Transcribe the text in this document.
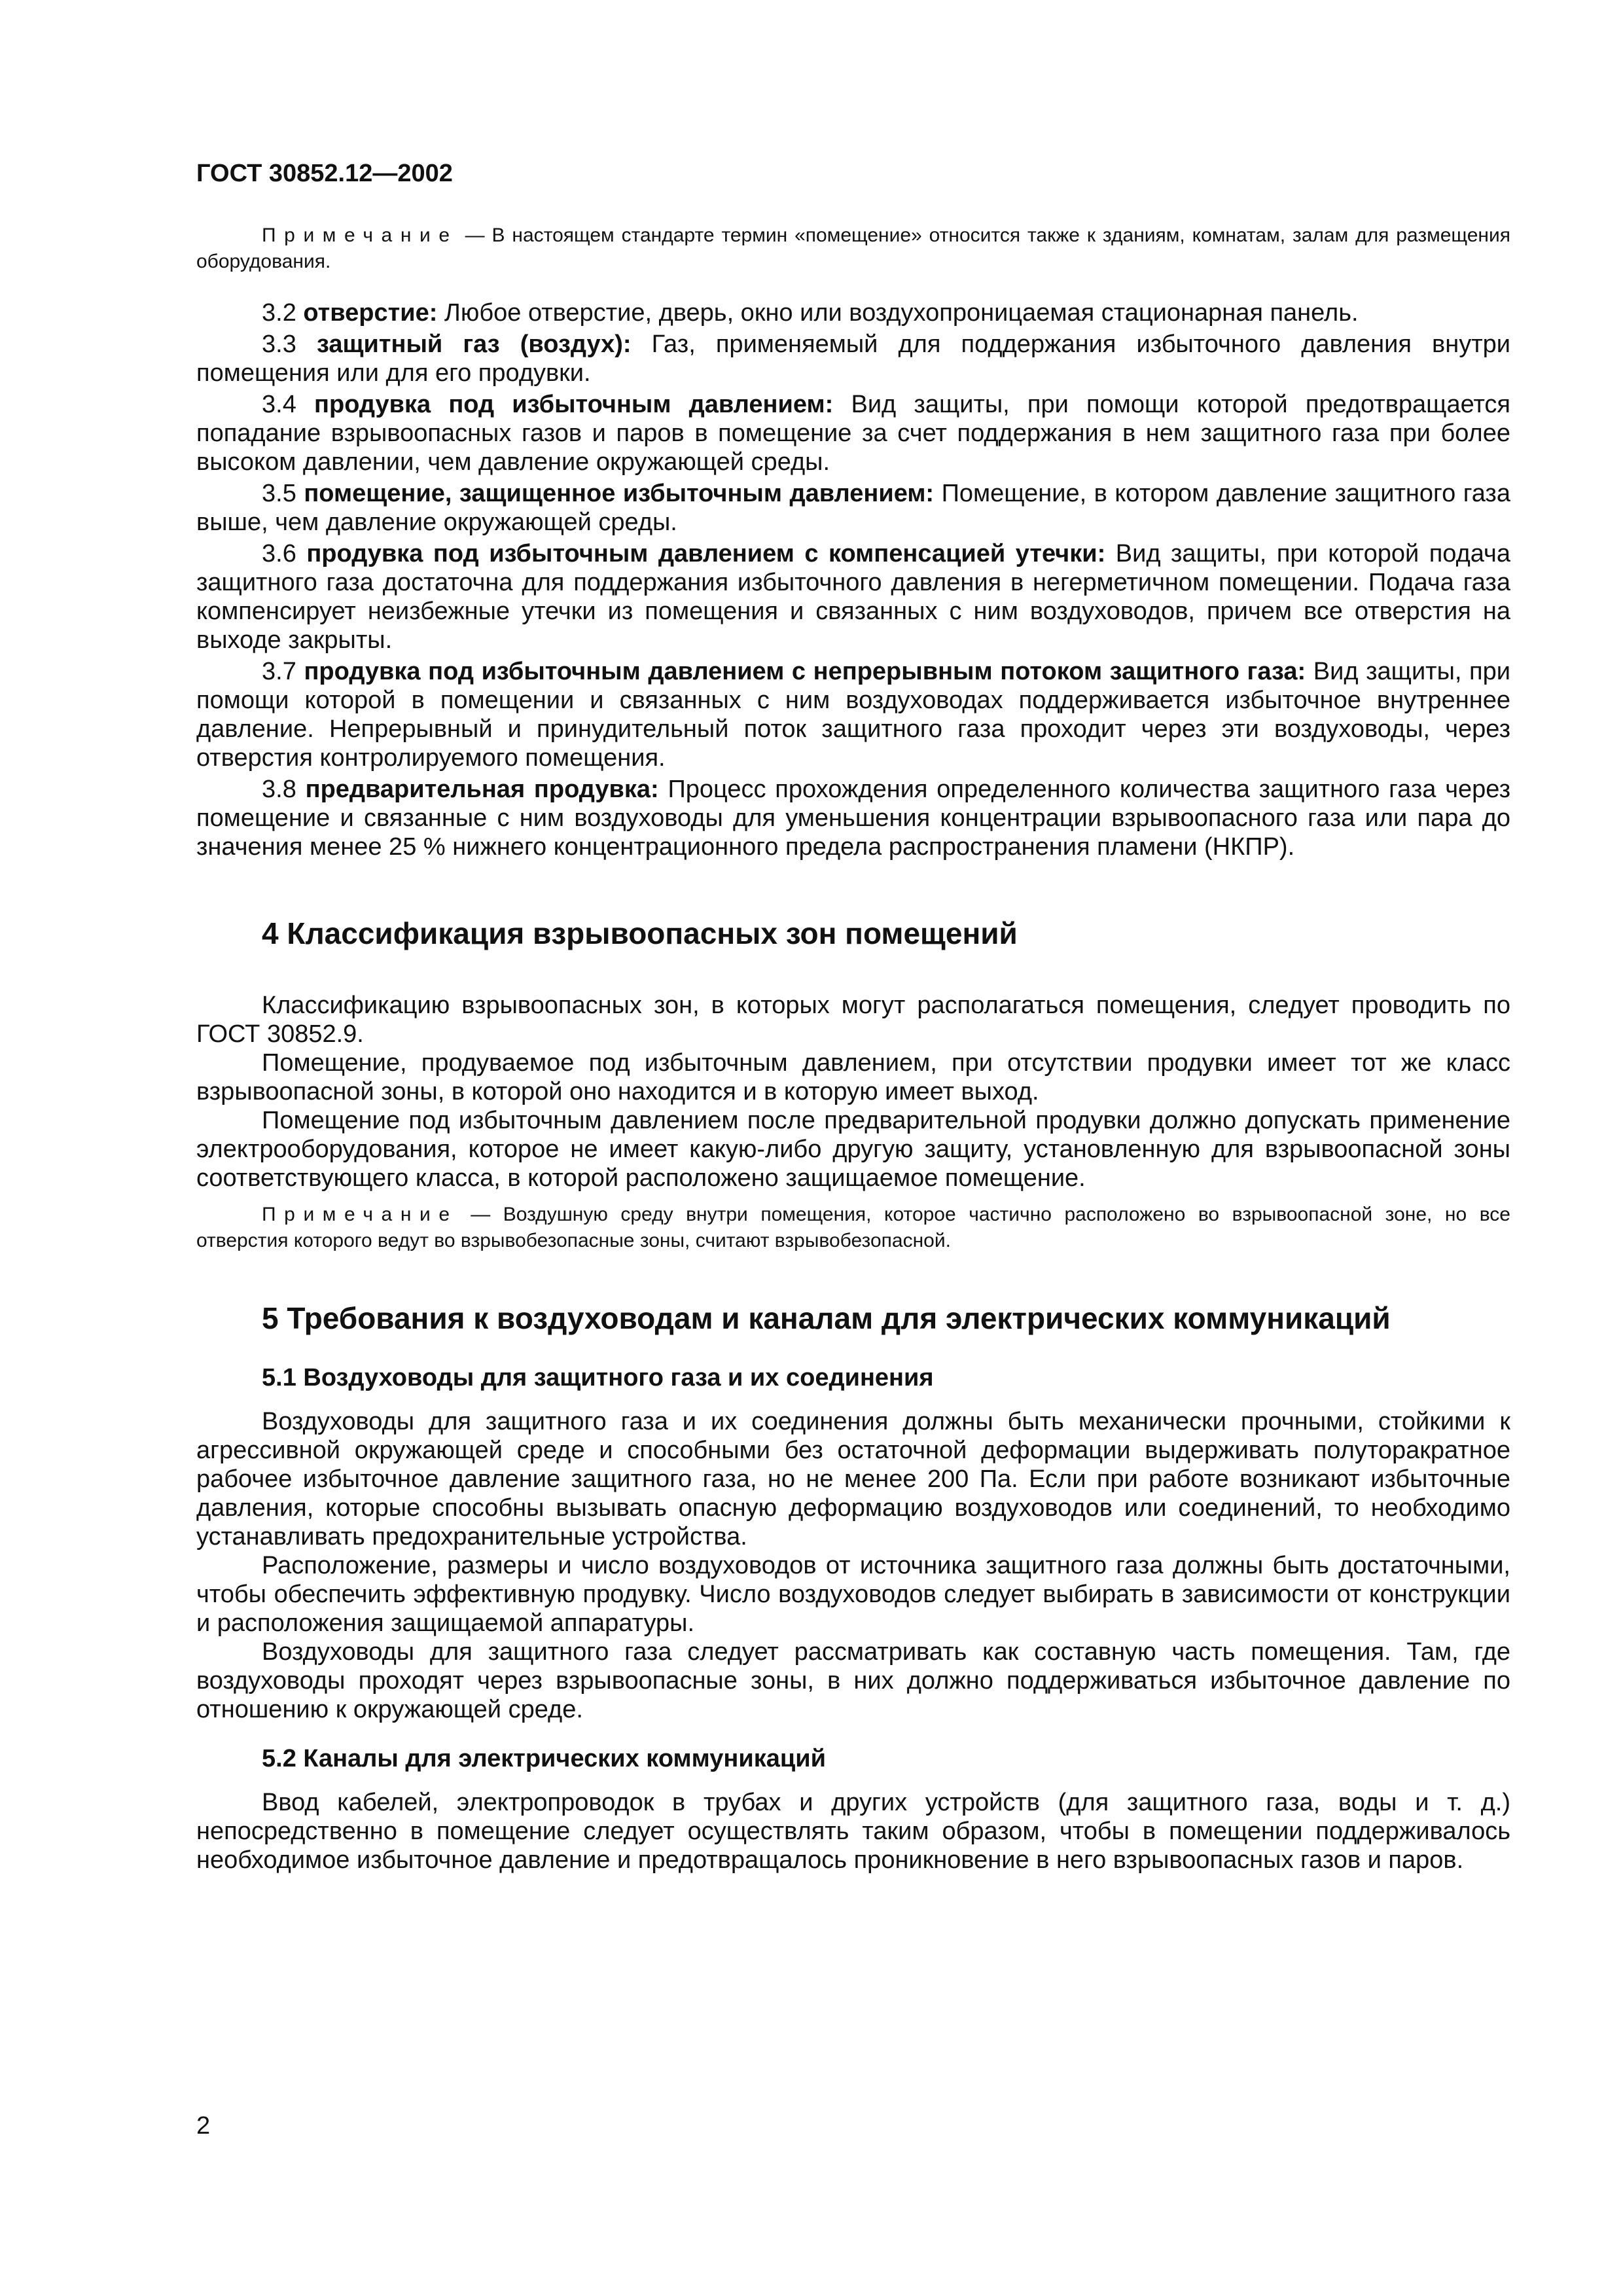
ГОСТ 30852.12—2002

Примечание — В настоящем стандарте термин «помещение» относится также к зданиям, комнатам, залам для размещения оборудования.

3.2 отверстие: Любое отверстие, дверь, окно или воздухопроницаемая стационарная панель.

3.3 защитный газ (воздух): Газ, применяемый для поддержания избыточного давления внутри помещения или для его продувки.

3.4 продувка под избыточным давлением: Вид защиты, при помощи которой предотвращается попадание взрывоопасных газов и паров в помещение за счет поддержания в нем защитного газа при более высоком давлении, чем давление окружающей среды.

3.5 помещение, защищенное избыточным давлением: Помещение, в котором давление защитного газа выше, чем давление окружающей среды.

3.6 продувка под избыточным давлением с компенсацией утечки: Вид защиты, при которой подача защитного газа достаточна для поддержания избыточного давления в негерметичном помещении. Подача газа компенсирует неизбежные утечки из помещения и связанных с ним воздуховодов, причем все отверстия на выходе закрыты.

3.7 продувка под избыточным давлением с непрерывным потоком защитного газа: Вид защиты, при помощи которой в помещении и связанных с ним воздуховодах поддерживается избыточное внутреннее давление. Непрерывный и принудительный поток защитного газа проходит через эти воздуховоды, через отверстия контролируемого помещения.

3.8 предварительная продувка: Процесс прохождения определенного количества защитного газа через помещение и связанные с ним воздуховоды для уменьшения концентрации взрывоопасного газа или пара до значения менее 25 % нижнего концентрационного предела распространения пламени (НКПР).

4 Классификация взрывоопасных зон помещений

Классификацию взрывоопасных зон, в которых могут располагаться помещения, следует проводить по ГОСТ 30852.9.

Помещение, продуваемое под избыточным давлением, при отсутствии продувки имеет тот же класс взрывоопасной зоны, в которой оно находится и в которую имеет выход.

Помещение под избыточным давлением после предварительной продувки должно допускать применение электрооборудования, которое не имеет какую-либо другую защиту, установленную для взрывоопасной зоны соответствующего класса, в которой расположено защищаемое помещение.

Примечание — Воздушную среду внутри помещения, которое частично расположено во взрывоопасной зоне, но все отверстия которого ведут во взрывобезопасные зоны, считают взрывобезопасной.

5 Требования к воздуховодам и каналам для электрических коммуникаций
5.1 Воздуховоды для защитного газа и их соединения

Воздуховоды для защитного газа и их соединения должны быть механически прочными, стойкими к агрессивной окружающей среде и способными без остаточной деформации выдерживать полуторакратное рабочее избыточное давление защитного газа, но не менее 200 Па. Если при работе возникают избыточные давления, которые способны вызывать опасную деформацию воздуховодов или соединений, то необходимо устанавливать предохранительные устройства.

Расположение, размеры и число воздуховодов от источника защитного газа должны быть достаточными, чтобы обеспечить эффективную продувку. Число воздуховодов следует выбирать в зависимости от конструкции и расположения защищаемой аппаратуры.

Воздуховоды для защитного газа следует рассматривать как составную часть помещения. Там, где воздуховоды проходят через взрывоопасные зоны, в них должно поддерживаться избыточное давление по отношению к окружающей среде.

5.2 Каналы для электрических коммуникаций

Ввод кабелей, электропроводок в трубах и других устройств (для защитного газа, воды и т. д.) непосредственно в помещение следует осуществлять таким образом, чтобы в помещении поддерживалось необходимое избыточное давление и предотвращалось проникновение в него взрывоопасных газов и паров.

2
